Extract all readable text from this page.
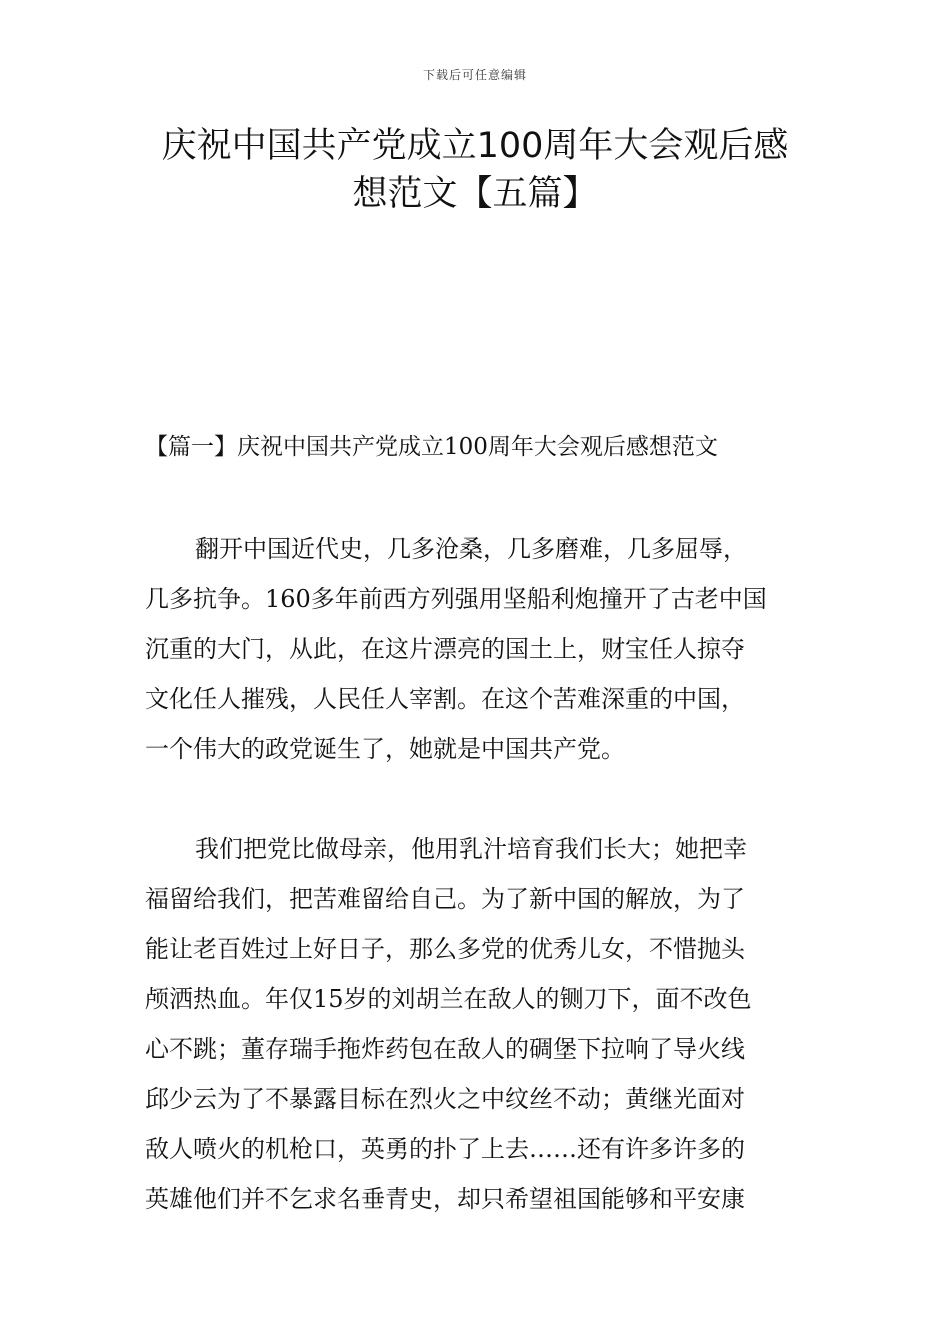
下载后可任意编辑
庆祝中国共产党成立100周年大会观后感
想范文【五篇】
【篇一】庆祝中国共产党成立100周年大会观后感想范文
翻开中国近代史，几多沧桑，几多磨难，几多屈辱，
几多抗争。160多年前西方列强用坚船利炮撞开了古老中国
沉重的大门，从此，在这片漂亮的国土上，财宝任人掠夺
文化任人摧残，人民任人宰割。在这个苦难深重的中国，
一个伟大的政党诞生了，她就是中国共产党。
我们把党比做母亲，他用乳汁培育我们长大；她把幸
福留给我们，把苦难留给自己。为了新中国的解放，为了
能让老百姓过上好日子，那么多党的优秀儿女，不惜抛头
颅洒热血。年仅15岁的刘胡兰在敌人的铡刀下，面不改色
心不跳；董存瑞手拖炸药包在敌人的碉堡下拉响了导火线
邱少云为了不暴露目标在烈火之中纹丝不动；黄继光面对
敌人喷火的机枪口，英勇的扑了上去……还有许多许多的
英雄他们并不乞求名垂青史，却只希望祖国能够和平安康
